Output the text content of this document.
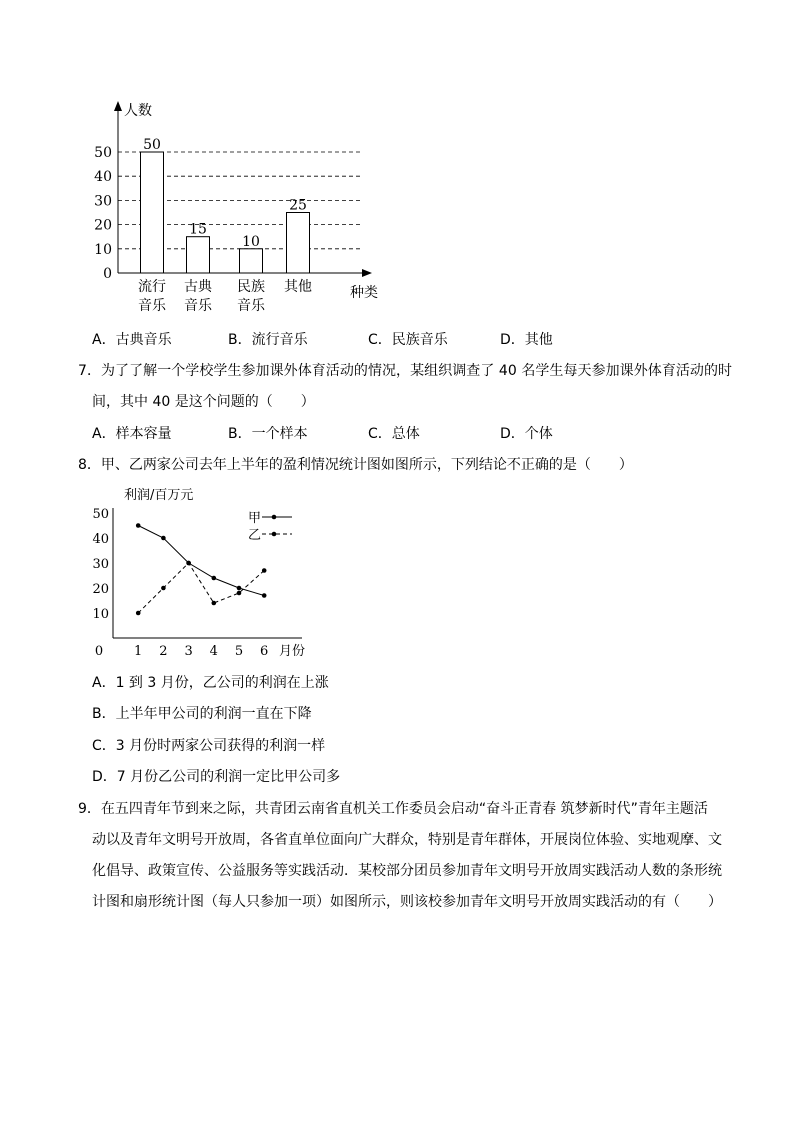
0
10
20
30
40
50 50
流行
音乐
15
古典
音乐
10
民族
音乐
25
其他
人数
种类
A．古典音乐	B．流行音乐	C．民族音乐	D．其他
7．为了了解一个学校学生参加课外体育活动的情况，某组织调查了 40 名学生每天参加课外体育活动的时
间，其中 40 是这个问题的（　　）
A．样本容量	B．一个样本	C．总体	D．个体
8．甲、乙两家公司去年上半年的盈利情况统计图如图所示，下列结论不正确的是（　　）
10
20
30
40
50
0 1 2 3 4 5 6
利润/百万元
月份
甲
乙
A．1 到 3 月份，乙公司的利润在上涨
B．上半年甲公司的利润一直在下降
C．3 月份时两家公司获得的利润一样
D．7 月份乙公司的利润一定比甲公司多
9．在五四青年节到来之际，共青团云南省直机关工作委员会启动“奋斗正青春 筑梦新时代”青年主题活
动以及青年文明号开放周，各省直单位面向广大群众，特别是青年群体，开展岗位体验、实地观摩、文
化倡导、政策宣传、公益服务等实践活动．某校部分团员参加青年文明号开放周实践活动人数的条形统
计图和扇形统计图（每人只参加一项）如图所示，则该校参加青年文明号开放周实践活动的有（　　）
